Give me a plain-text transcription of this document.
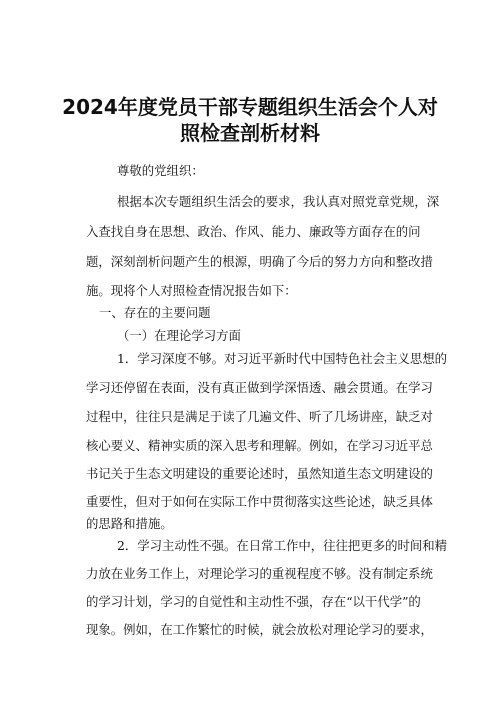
2024年度党员干部专题组织生活会个人对
照检查剖析材料
尊敬的党组织：
根据本次专题组织生活会的要求，我认真对照党章党规，深
入查找自身在思想、政治、作风、能力、廉政等方面存在的问
题，深刻剖析问题产生的根源，明确了今后的努力方向和整改措
施。现将个人对照检查情况报告如下：
一、存在的主要问题
（一）在理论学习方面
1．学习深度不够。对习近平新时代中国特色社会主义思想的
学习还停留在表面，没有真正做到学深悟透、融会贯通。在学习
过程中，往往只是满足于读了几遍文件、听了几场讲座，缺乏对
核心要义、精神实质的深入思考和理解。例如，在学习习近平总
书记关于生态文明建设的重要论述时，虽然知道生态文明建设的
重要性，但对于如何在实际工作中贯彻落实这些论述，缺乏具体
的思路和措施。
2．学习主动性不强。在日常工作中，往往把更多的时间和精
力放在业务工作上，对理论学习的重视程度不够。没有制定系统
的学习计划，学习的自觉性和主动性不强，存在“以干代学”的
现象。例如，在工作繁忙的时候，就会放松对理论学习的要求，
